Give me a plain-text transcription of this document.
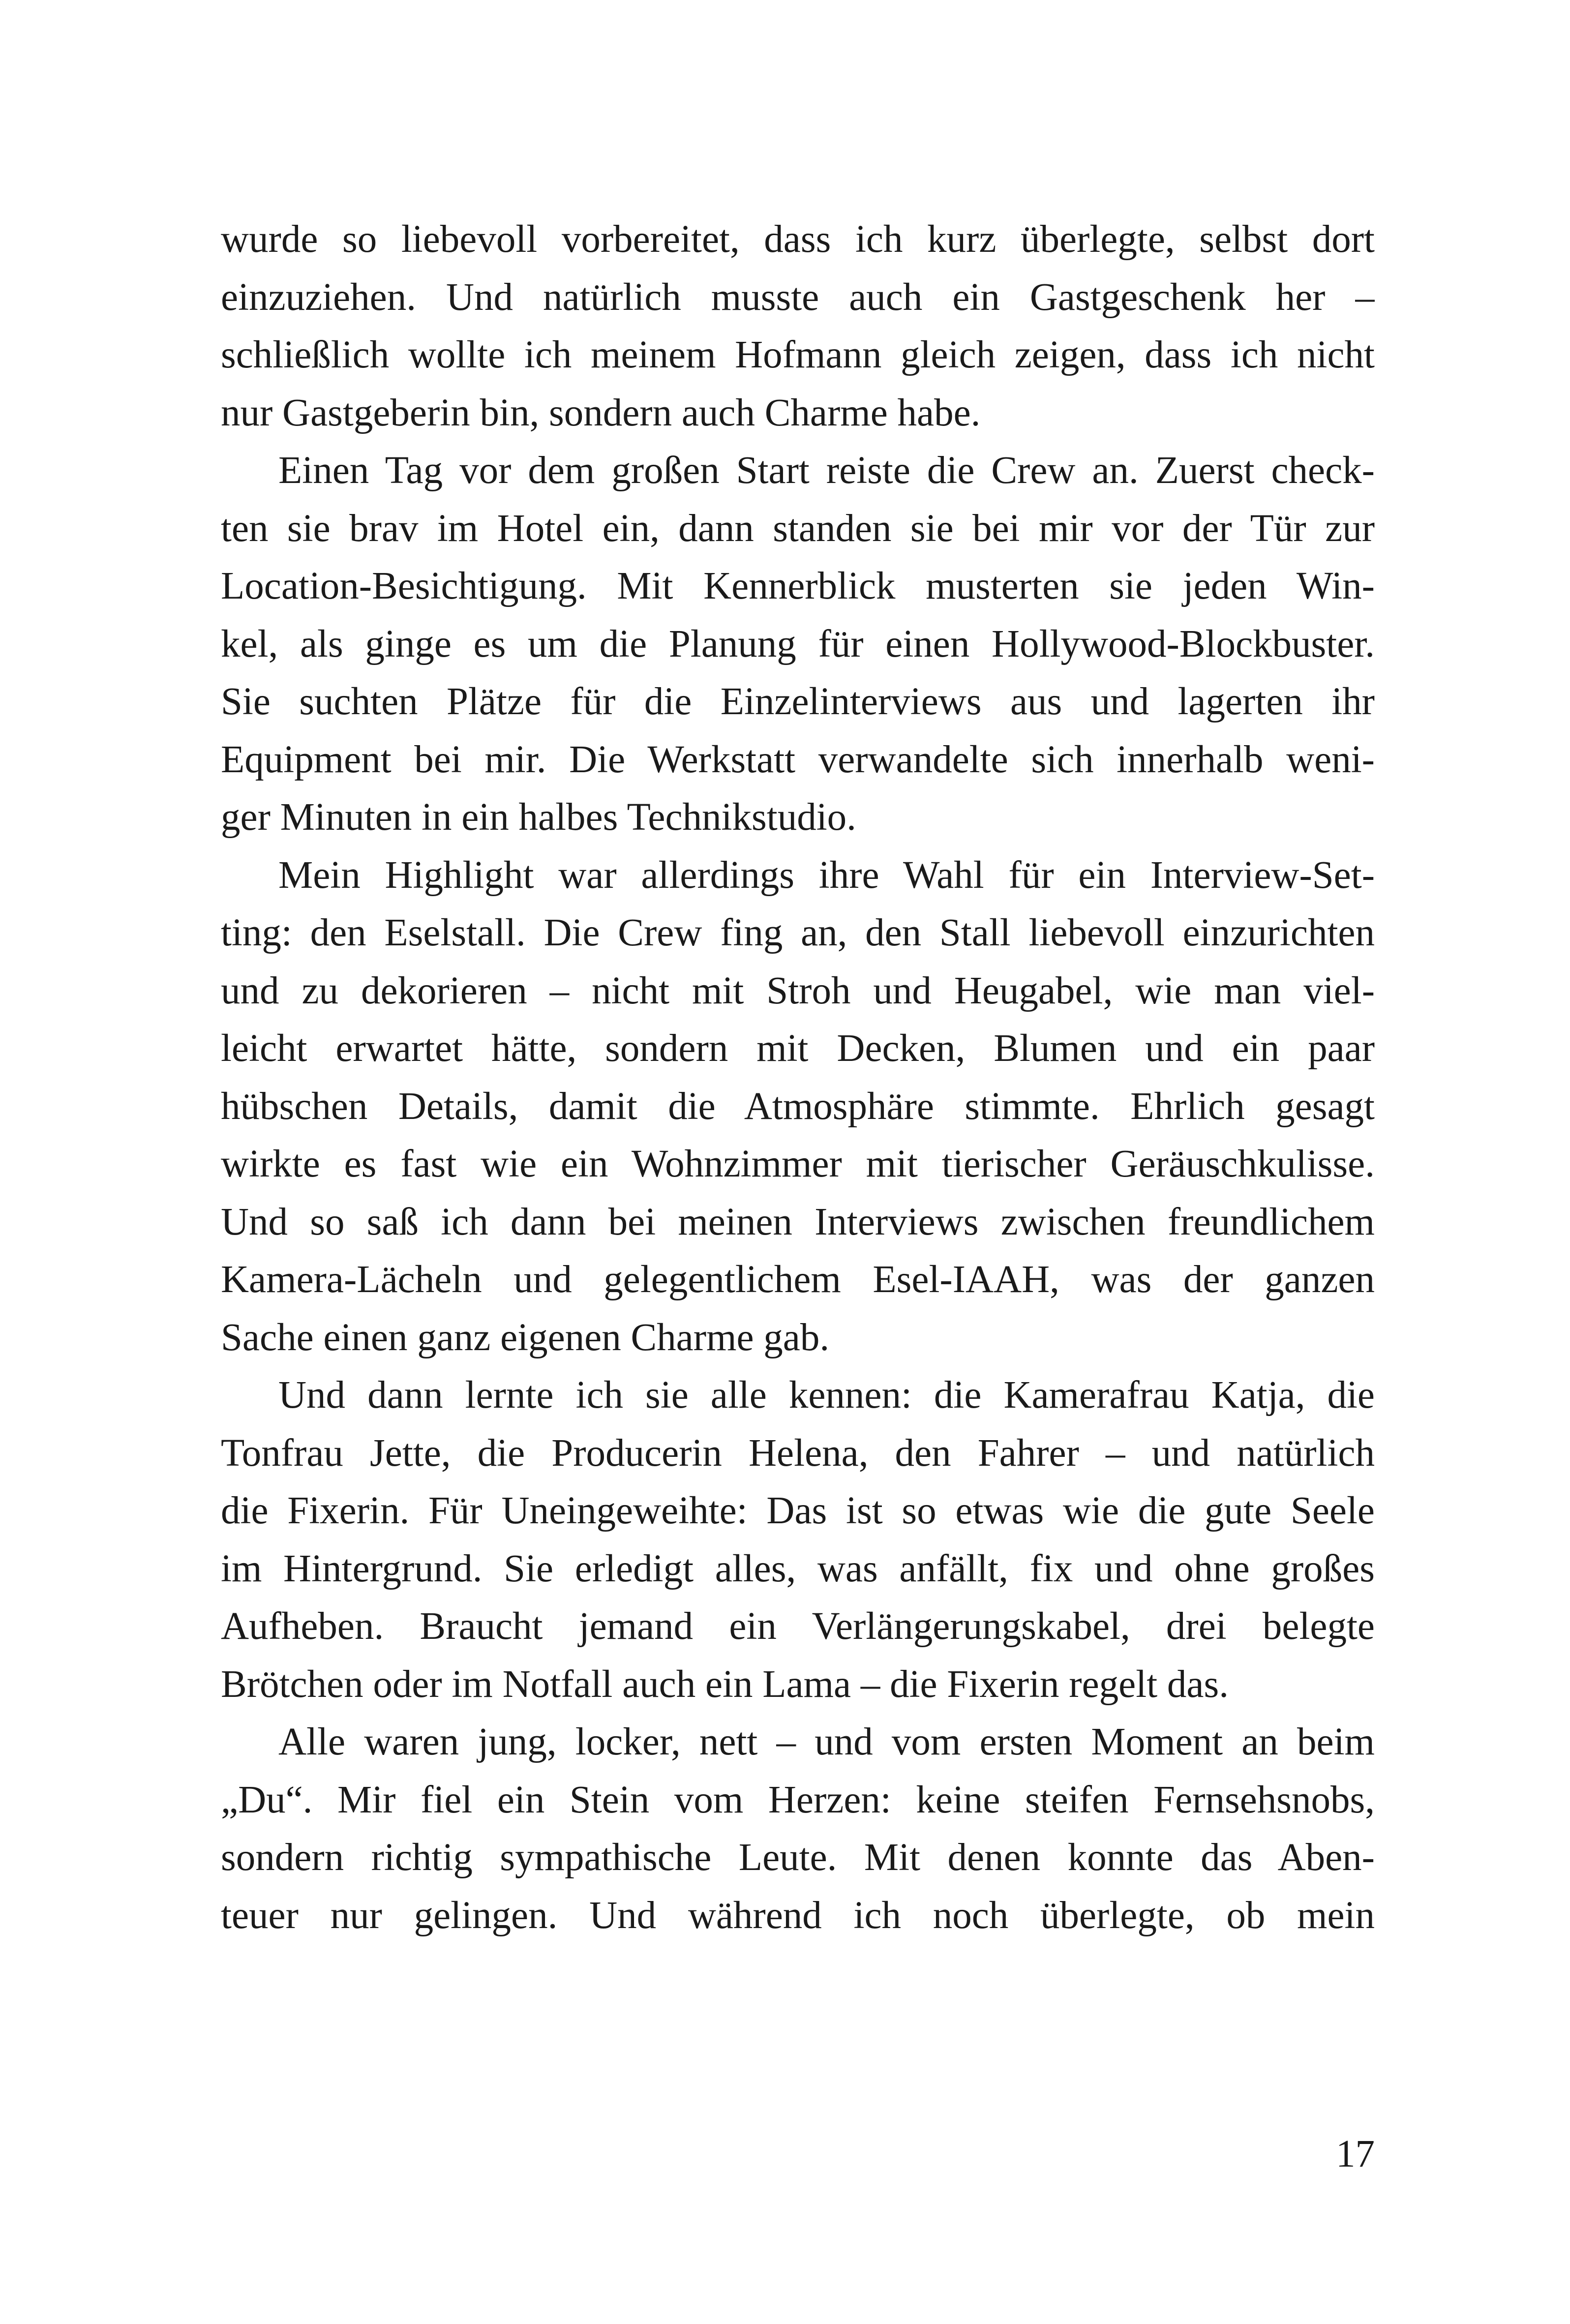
wurde so liebevoll vorbereitet, dass ich kurz überlegte, selbst dort
einzuziehen. Und natürlich musste auch ein Gastgeschenk her –
schließlich wollte ich meinem Hofmann gleich zeigen, dass ich nicht
nur Gastgeberin bin, sondern auch Charme habe.
Einen Tag vor dem großen Start reiste die Crew an. Zuerst check-
ten sie brav im Hotel ein, dann standen sie bei mir vor der Tür zur
Location-Besichtigung. Mit Kennerblick musterten sie jeden Win-
kel, als ginge es um die Planung für einen Hollywood-Blockbuster.
Sie suchten Plätze für die Einzelinterviews aus und lagerten ihr
Equipment bei mir. Die Werkstatt verwandelte sich innerhalb weni-
ger Minuten in ein halbes Technikstudio.
Mein Highlight war allerdings ihre Wahl für ein Interview-Set-
ting: den Eselstall. Die Crew fing an, den Stall liebevoll einzurichten
und zu dekorieren – nicht mit Stroh und Heugabel, wie man viel-
leicht erwartet hätte, sondern mit Decken, Blumen und ein paar
hübschen Details, damit die Atmosphäre stimmte. Ehrlich gesagt
wirkte es fast wie ein Wohnzimmer mit tierischer Geräuschkulisse.
Und so saß ich dann bei meinen Interviews zwischen freundlichem
Kamera-Lächeln und gelegentlichem Esel-IAAH, was der ganzen
Sache einen ganz eigenen Charme gab.
Und dann lernte ich sie alle kennen: die Kamerafrau Katja, die
Tonfrau Jette, die Producerin Helena, den Fahrer – und natürlich
die Fixerin. Für Uneingeweihte: Das ist so etwas wie die gute Seele
im Hintergrund. Sie erledigt alles, was anfällt, fix und ohne großes
Aufheben. Braucht jemand ein Verlängerungskabel, drei belegte
Brötchen oder im Notfall auch ein Lama – die Fixerin regelt das.
Alle waren jung, locker, nett – und vom ersten Moment an beim
„Du“. Mir fiel ein Stein vom Herzen: keine steifen Fernsehsnobs,
sondern richtig sympathische Leute. Mit denen konnte das Aben-
teuer nur gelingen. Und während ich noch überlegte, ob mein
17
